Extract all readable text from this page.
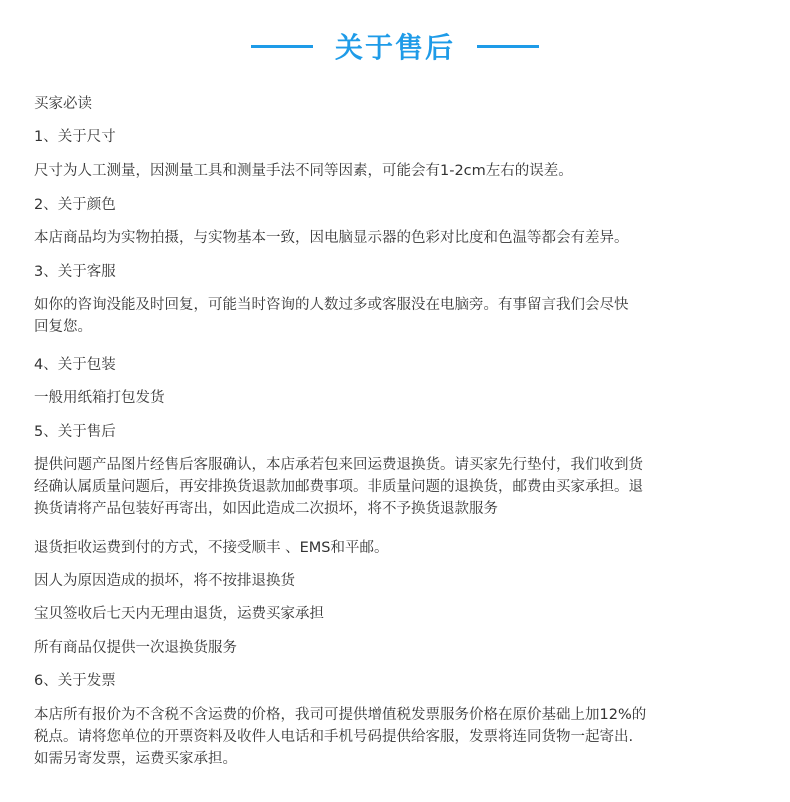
关于售后
买家必读
1、关于尺寸
尺寸为人工测量，因测量工具和测量手法不同等因素，可能会有1-2cm左右的误差。
2、关于颜色
本店商品均为实物拍摄，与实物基本一致，因电脑显示器的色彩对比度和色温等都会有差异。
3、关于客服
如你的咨询没能及时回复，可能当时咨询的人数过多或客服没在电脑旁。有事留言我们会尽快
回复您。
4、关于包装
一般用纸箱打包发货
5、关于售后
提供问题产品图片经售后客服确认，本店承若包来回运费退换货。请买家先行垫付，我们收到货
经确认属质量问题后，再安排换货退款加邮费事项。非质量问题的退换货，邮费由买家承担。退
换货请将产品包装好再寄出，如因此造成二次损坏，将不予换货退款服务
退货拒收运费到付的方式，不接受顺丰 、EMS和平邮。
因人为原因造成的损坏，将不按排退换货
宝贝签收后七天内无理由退货，运费买家承担
所有商品仅提供一次退换货服务
6、关于发票
本店所有报价为不含税不含运费的价格，我司可提供增值税发票服务价格在原价基础上加12%的
税点。请将您单位的开票资料及收件人电话和手机号码提供给客服，发票将连同货物一起寄出.
如需另寄发票，运费买家承担。
